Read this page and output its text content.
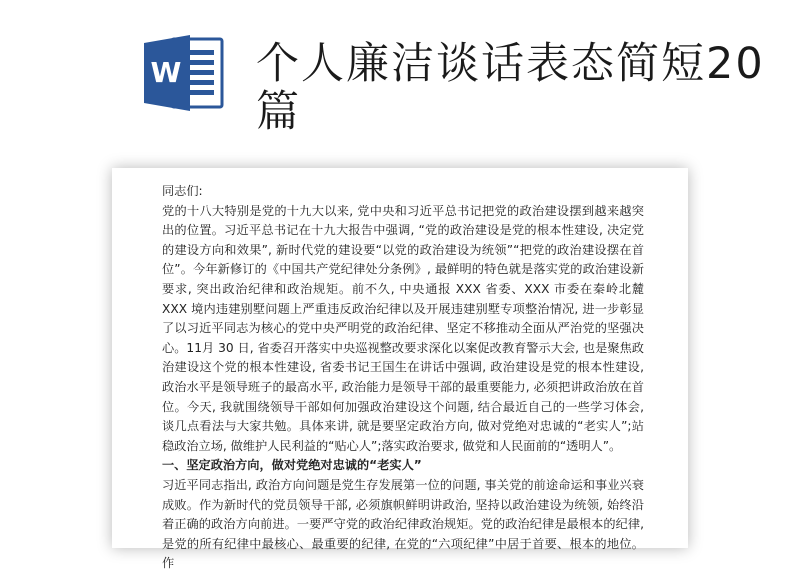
W 个人廉洁谈话表态简短20篇

同志们:

党的十八大特别是党的十九大以来, 党中央和习近平总书记把党的政治建设摆到越来越突出的位置。习近平总书记在十九大报告中强调, “党的政治建设是党的根本性建设, 决定党的建设方向和效果”, 新时代党的建设要“以党的政治建设为统领”“把党的政治建设摆在首位”。今年新修订的《中国共产党纪律处分条例》, 最鲜明的特色就是落实党的政治建设新要求, 突出政治纪律和政治规矩。前不久, 中央通报 XXX 省委、XXX 市委在秦岭北麓 XXX 境内违建别墅问题上严重违反政治纪律以及开展违建别墅专项整治情况, 进一步彰显了以习近平同志为核心的党中央严明党的政治纪律、坚定不移推动全面从严治党的坚强决心。11月 30 日, 省委召开落实中央巡视整改要求深化以案促改教育警示大会, 也是聚焦政治建设这个党的根本性建设, 省委书记王国生在讲话中强调, 政治建设是党的根本性建设, 政治水平是领导班子的最高水平, 政治能力是领导干部的最重要能力, 必须把讲政治放在首位。今天, 我就围绕领导干部如何加强政治建设这个问题, 结合最近自己的一些学习体会, 谈几点看法与大家共勉。具体来讲, 就是要坚定政治方向, 做对党绝对忠诚的“老实人”;站稳政治立场, 做维护人民利益的“贴心人”;落实政治要求, 做党和人民面前的“透明人”。

一、坚定政治方向，做对党绝对忠诚的“老实人”

习近平同志指出, 政治方向问题是党生存发展第一位的问题, 事关党的前途命运和事业兴衰成败。作为新时代的党员领导干部, 必须旗帜鲜明讲政治, 坚持以政治建设为统领, 始终沿着正确的政治方向前进。一要严守党的政治纪律政治规矩。党的政治纪律是最根本的纪律, 是党的所有纪律中最核心、最重要的纪律, 在党的“六项纪律”中居于首要、根本的地位。作
